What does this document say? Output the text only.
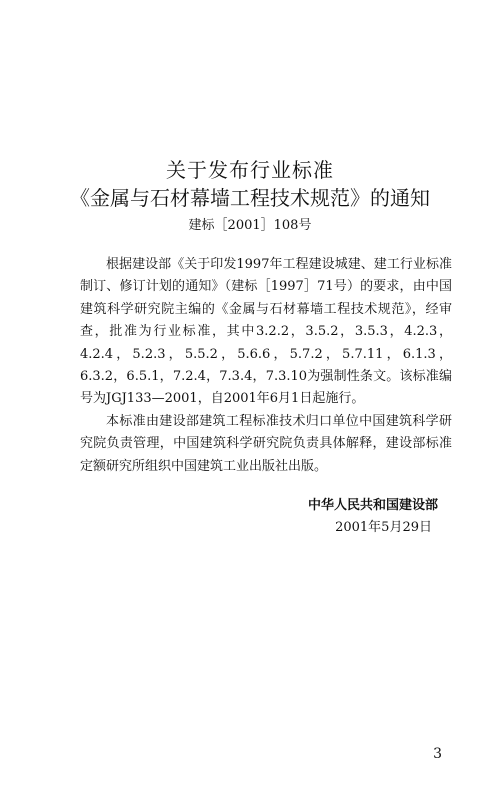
关于发布行业标准
《金属与石材幕墙工程技术规范》的通知
建标［2001］108号

根据建设部《关于印发1997年工程建设城建、建工行业标准制订、修订计划的通知》（建标［1997］71号）的要求，由中国建筑科学研究院主编的《金属与石材幕墙工程技术规范》，经审查，批准为行业标准，其中3.2.2，3.5.2，3.5.3，4.2.3，4.2.4，5.2.3，5.5.2，5.6.6，5.7.2，5.7.11，6.1.3，6.3.2，6.5.1，7.2.4，7.3.4，7.3.10为强制性条文。该标准编号为JGJ133—2001，自2001年6月1日起施行。

本标准由建设部建筑工程标准技术归口单位中国建筑科学研究院负责管理，中国建筑科学研究院负责具体解释，建设部标准定额研究所组织中国建筑工业出版社出版。

中华人民共和国建设部
2001年5月29日
3
